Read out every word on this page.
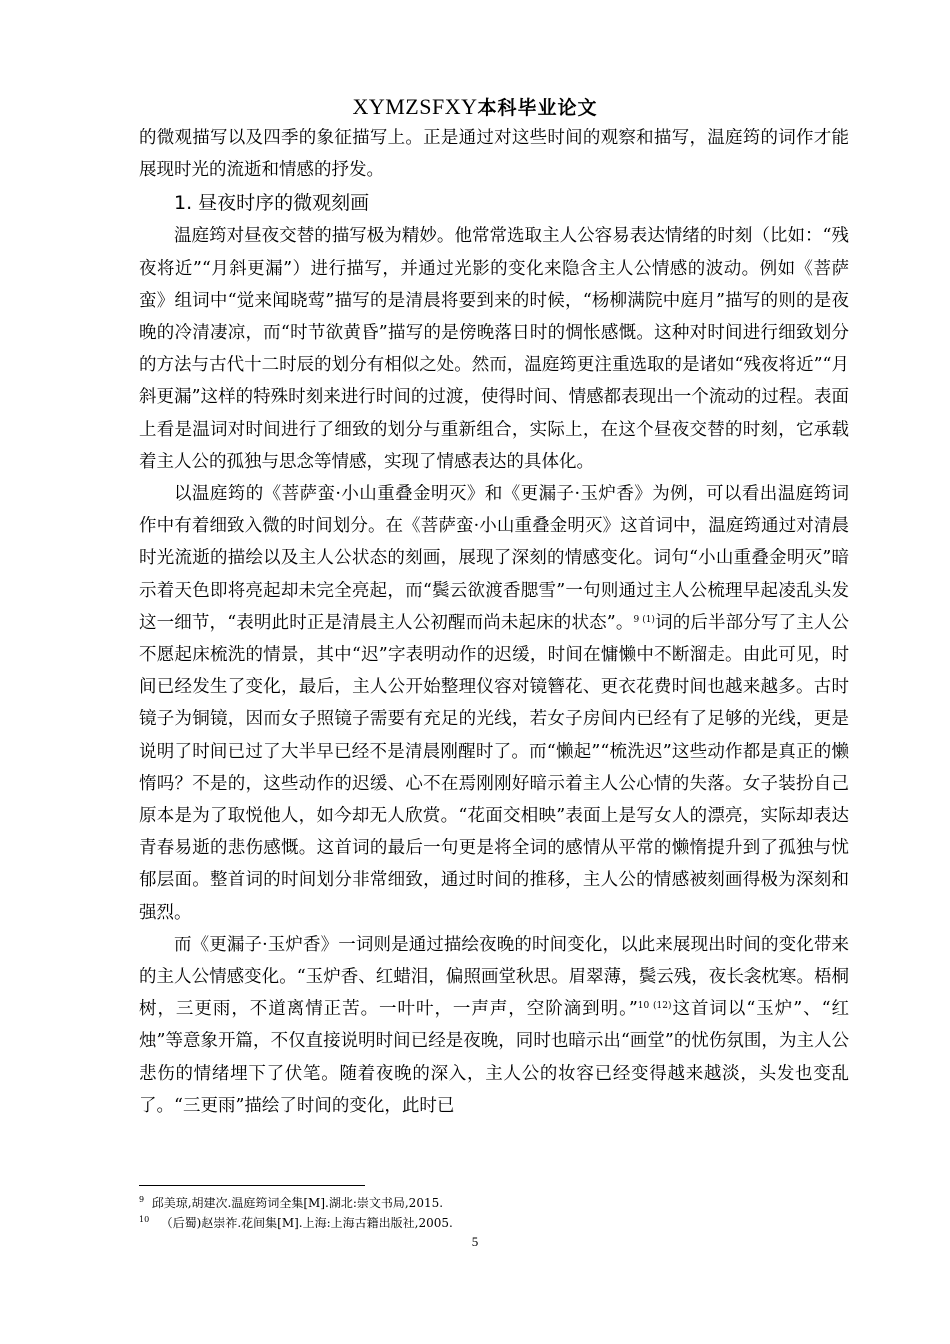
XYMZSFXY本科毕业论文

的微观描写以及四季的象征描写上。正是通过对这些时间的观察和描写，温庭筠的词作才能展现时光的流逝和情感的抒发。

1. 昼夜时序的微观刻画

温庭筠对昼夜交替的描写极为精妙。他常常选取主人公容易表达情绪的时刻（比如：“残夜将近”“月斜更漏”）进行描写，并通过光影的变化来隐含主人公情感的波动。例如《菩萨蛮》组词中“觉来闻晓莺”描写的是清晨将要到来的时候，“杨柳满院中庭月”描写的则的是夜晚的冷清凄凉，而“时节欲黄昏”描写的是傍晚落日时的惆怅感慨。这种对时间进行细致划分的方法与古代十二时辰的划分有相似之处。然而，温庭筠更注重选取的是诸如“残夜将近”“月斜更漏”这样的特殊时刻来进行时间的过渡，使得时间、情感都表现出一个流动的过程。表面上看是温词对时间进行了细致的划分与重新组合，实际上，在这个昼夜交替的时刻，它承载着主人公的孤独与思念等情感，实现了情感表达的具体化。

以温庭筠的《菩萨蛮·小山重叠金明灭》和《更漏子·玉炉香》为例，可以看出温庭筠词作中有着细致入微的时间划分。在《菩萨蛮·小山重叠金明灭》这首词中，温庭筠通过对清晨时光流逝的描绘以及主人公状态的刻画，展现了深刻的情感变化。词句“小山重叠金明灭”暗示着天色即将亮起却未完全亮起，而“鬓云欲渡香腮雪”一句则通过主人公梳理早起凌乱头发这一细节，“表明此时正是清晨主人公初醒而尚未起床的状态”。$^{9 (1)}$词的后半部分写了主人公不愿起床梳洗的情景，其中“迟”字表明动作的迟缓，时间在慵懒中不断溜走。由此可见，时间已经发生了变化，最后，主人公开始整理仪容对镜簪花、更衣花费时间也越来越多。古时镜子为铜镜，因而女子照镜子需要有充足的光线，若女子房间内已经有了足够的光线，更是说明了时间已过了大半早已经不是清晨刚醒时了。而“懒起”“梳洗迟”这些动作都是真正的懒惰吗？不是的，这些动作的迟缓、心不在焉刚刚好暗示着主人公心情的失落。女子装扮自己原本是为了取悦他人，如今却无人欣赏。“花面交相映”表面上是写女人的漂亮，实际却表达青春易逝的悲伤感慨。这首词的最后一句更是将全词的感情从平常的懒惰提升到了孤独与忧郁层面。整首词的时间划分非常细致，通过时间的推移，主人公的情感被刻画得极为深刻和强烈。

而《更漏子·玉炉香》一词则是通过描绘夜晚的时间变化，以此来展现出时间的变化带来的主人公情感变化。“玉炉香、红蜡泪，偏照画堂秋思。眉翠薄，鬓云残，夜长衾枕寒。梧桐树，三更雨，不道离情正苦。一叶叶，一声声，空阶滴到明。”$^{10 (12)}$这首词以“玉炉”、“红烛”等意象开篇，不仅直接说明时间已经是夜晚，同时也暗示出“画堂”的忧伤氛围，为主人公悲伤的情绪埋下了伏笔。随着夜晚的深入，主人公的妆容已经变得越来越淡，头发也变乱了。“三更雨”描绘了时间的变化，此时已

$^9$ 邱美琼,胡建次.温庭筠词全集[M].湖北:崇文书局,2015.

$^{10}$ （后蜀)赵崇祚.花间集[M].上海:上海古籍出版社,2005.

5
